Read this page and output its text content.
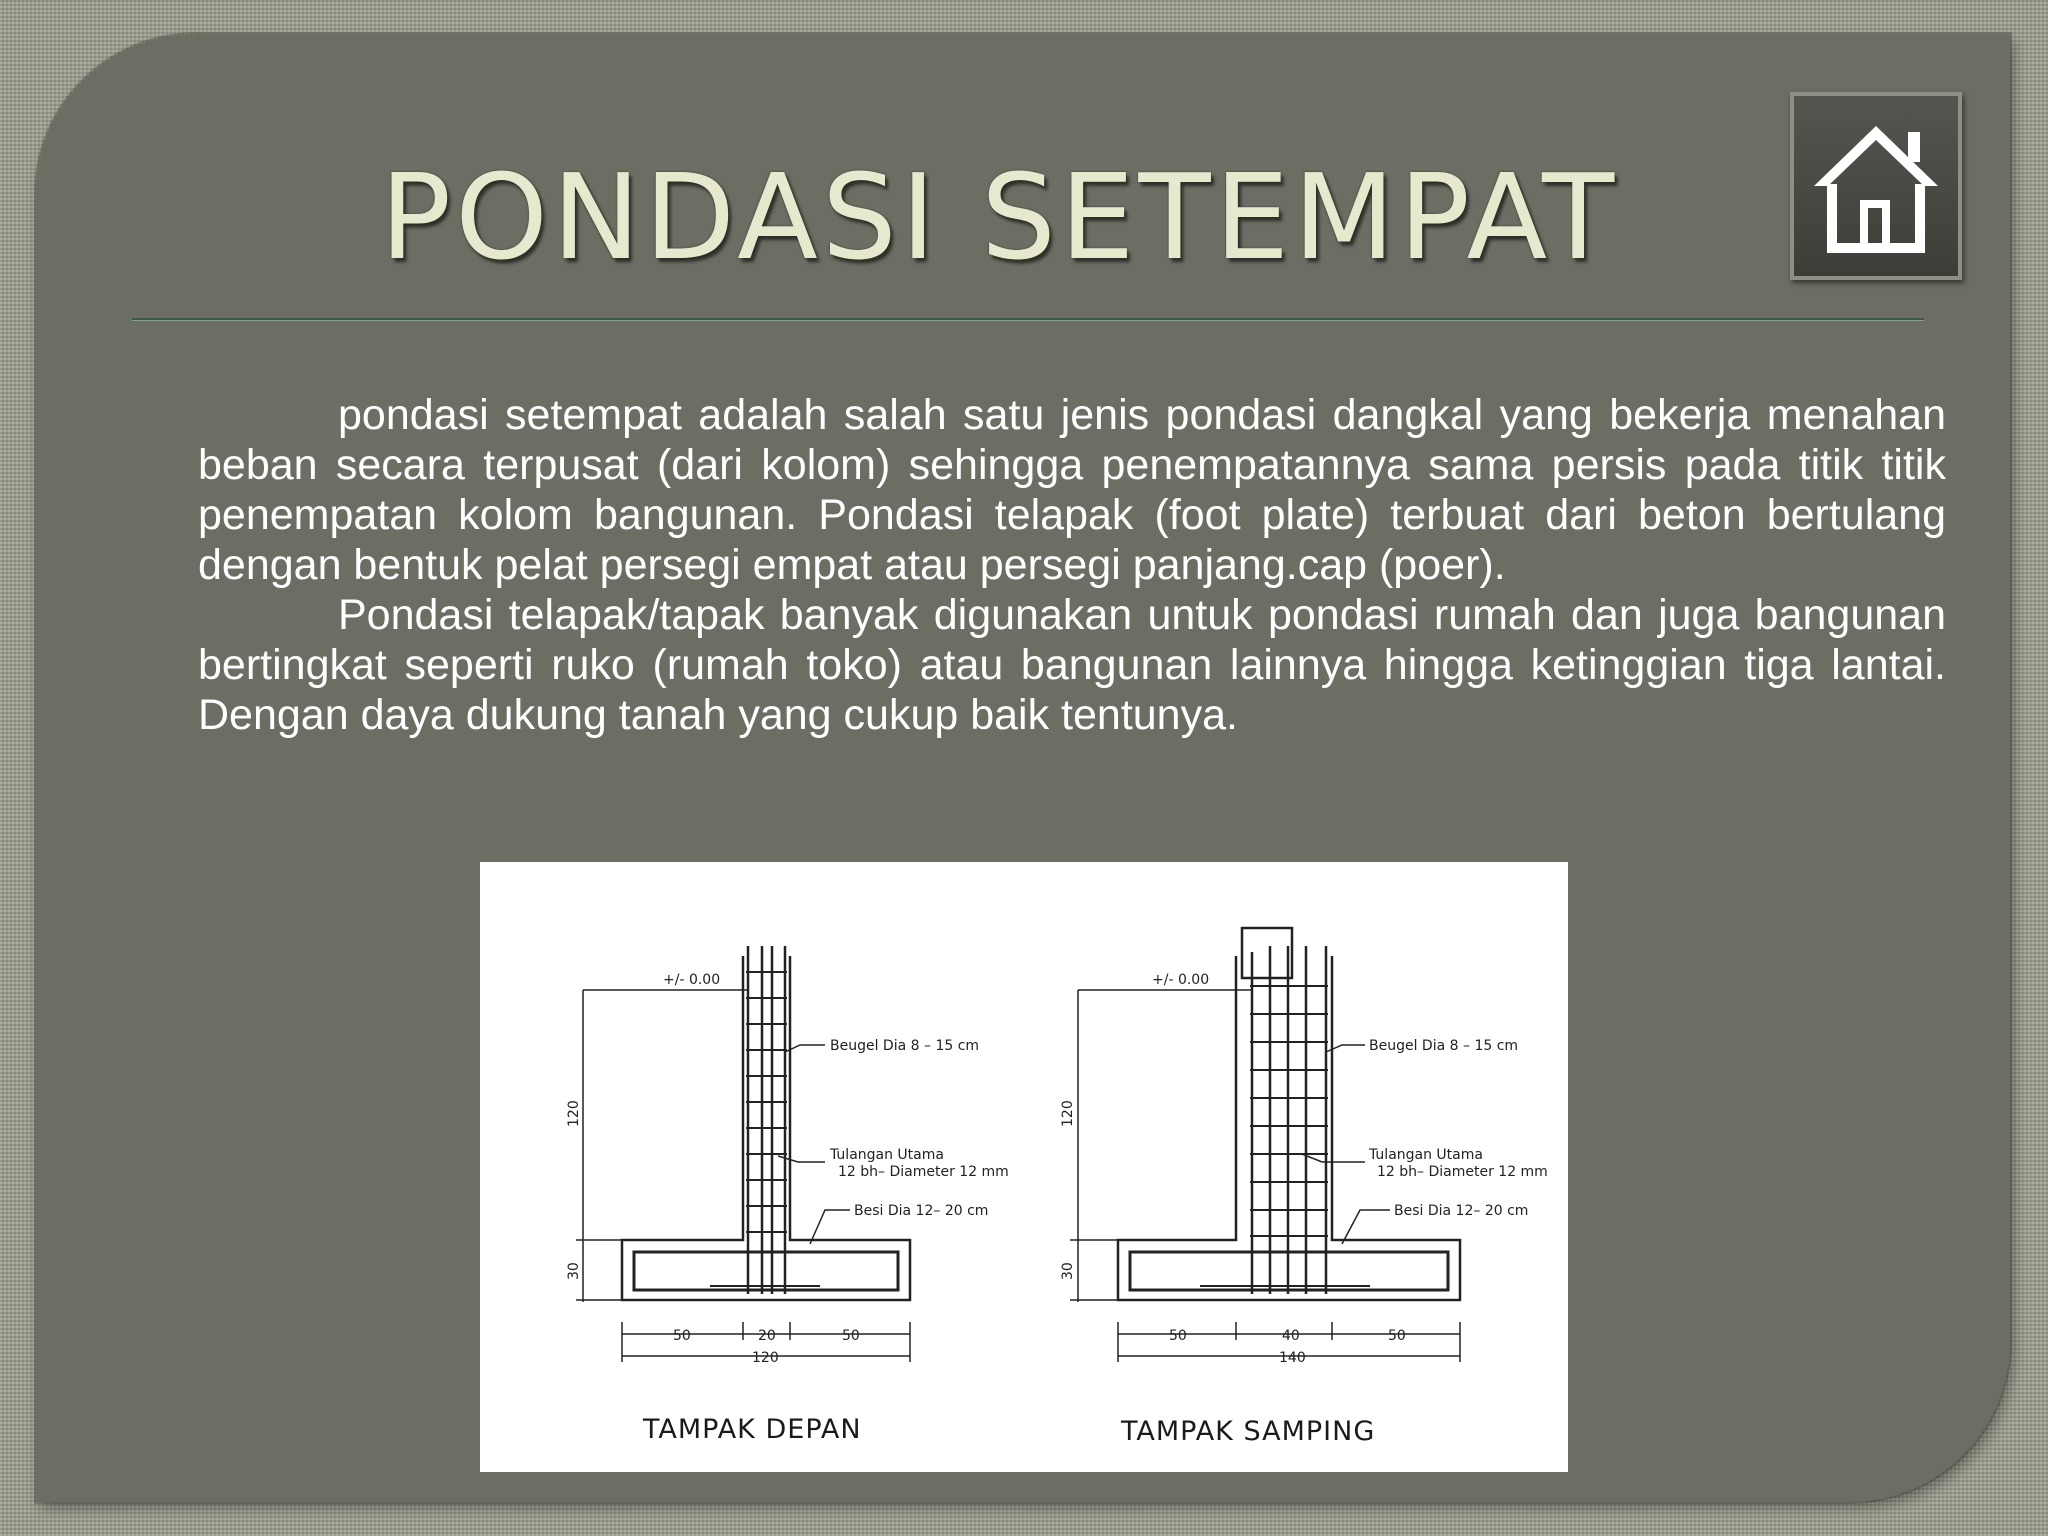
PONDASI SETEMPAT

pondasi setempat adalah salah satu jenis pondasi dangkal yang bekerja menahan beban secara terpusat (dari kolom) sehingga penempatannya sama persis pada titik titik penempatan kolom bangunan. Pondasi telapak (foot plate) terbuat dari beton bertulang dengan bentuk pelat persegi empat atau persegi panjang.cap (poer).

Pondasi telapak/tapak banyak digunakan untuk pondasi rumah dan juga bangunan bertingkat seperti ruko (rumah toko) atau bangunan lainnya hingga ketinggian tiga lantai. Dengan daya dukung tanah yang cukup baik tentunya.

+/- 0.00
Beugel Dia 8 – 15 cm
Tulangan Utama
12 bh– Diameter 12 mm
Besi Dia 12– 20 cm
120
30
50	20	50
120
TAMPAK DEPAN
+/- 0.00
Beugel Dia 8 – 15 cm
Tulangan Utama
12 bh– Diameter 12 mm
Besi Dia 12– 20 cm
120
30
50	40	50
140
TAMPAK SAMPING
